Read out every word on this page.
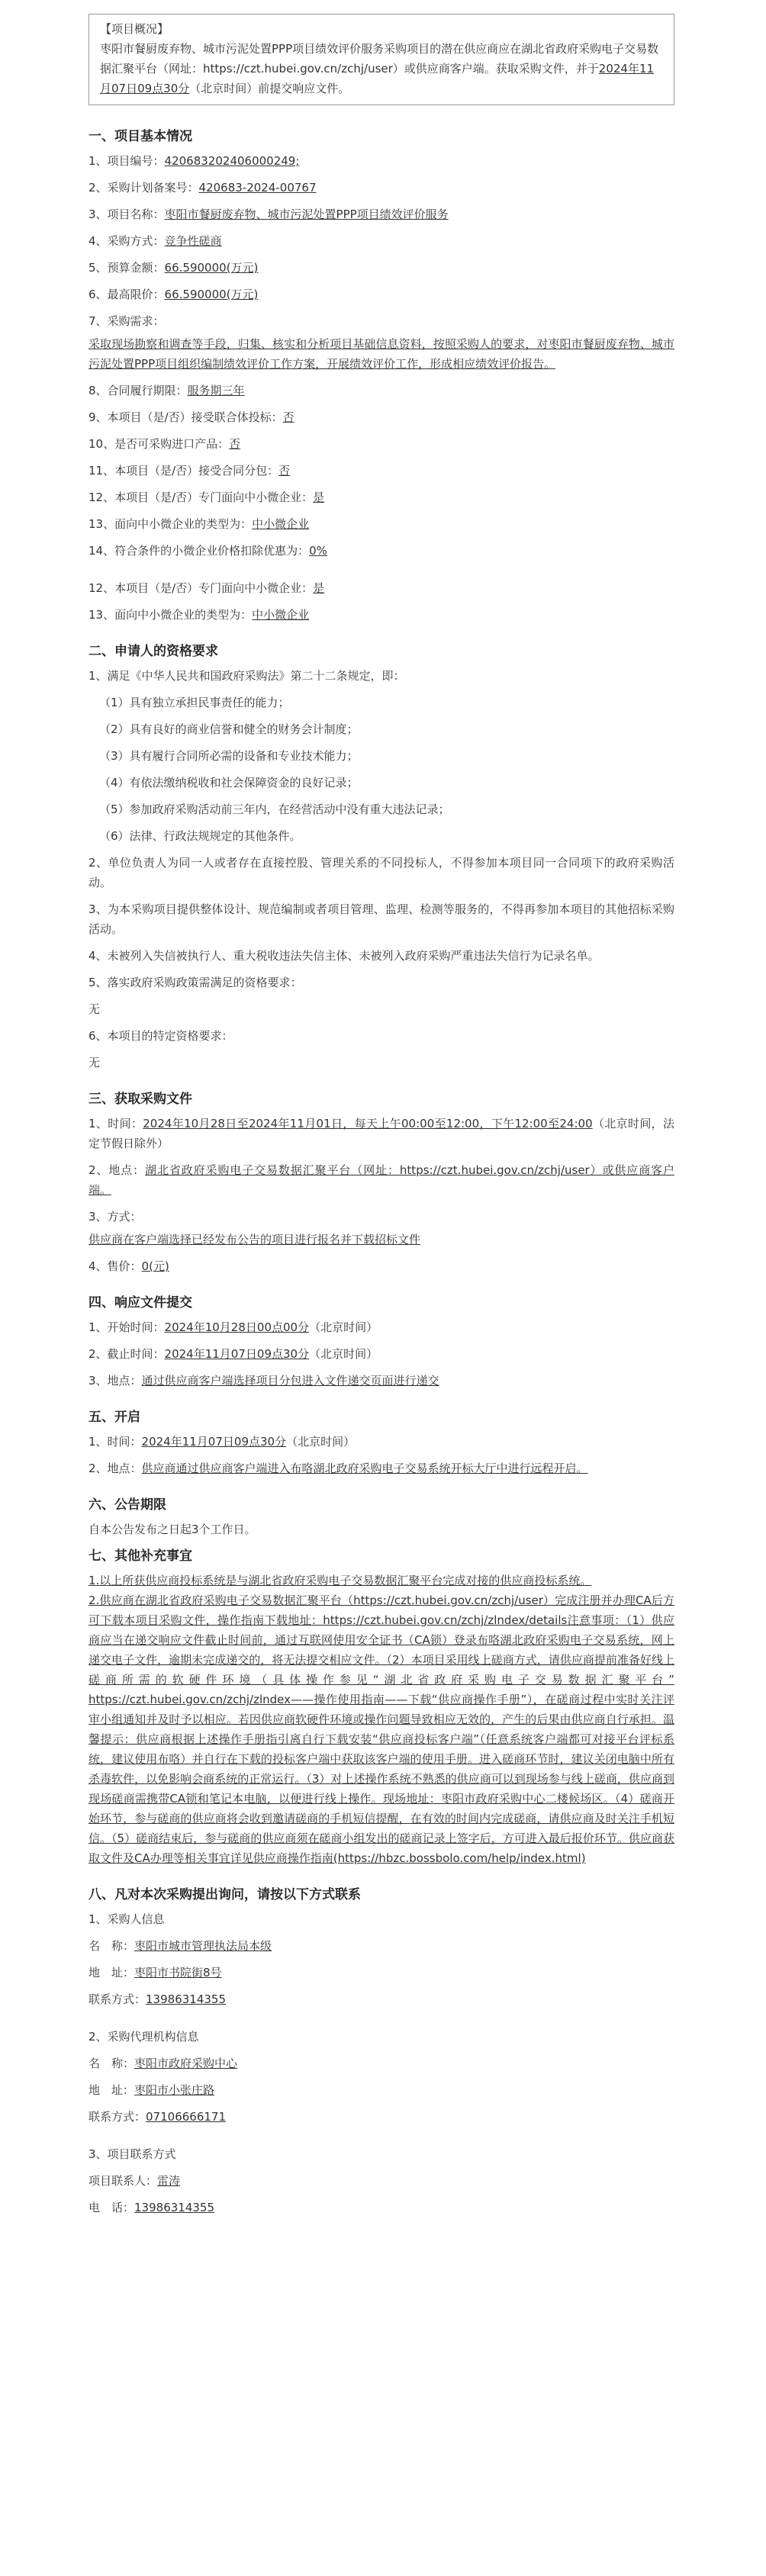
【项目概况】
枣阳市餐厨废弃物、城市污泥处置PPP项目绩效评价服务采购项目的潜在供应商应在湖北省政府采购电子交易数据汇聚平台（网址：https://czt.hubei.gov.cn/zchj/user）或供应商客户端。获取采购文件，并于2024年11月07日09点30分（北京时间）前提交响应文件。
一、项目基本情况
1、项目编号：420683202406000249;
2、采购计划备案号：420683-2024-00767
3、项目名称：枣阳市餐厨废弃物、城市污泥处置PPP项目绩效评价服务
4、采购方式：竞争性磋商
5、预算金额：66.590000(万元)
6、最高限价：66.590000(万元)
7、采购需求：
采取现场勘察和调查等手段，归集、核实和分析项目基础信息资料，按照采购人的要求，对枣阳市餐厨废弃物、城市污泥处置PPP项目组织编制绩效评价工作方案，开展绩效评价工作，形成相应绩效评价报告。
8、合同履行期限：服务期三年
9、本项目（是/否）接受联合体投标：否
10、是否可采购进口产品：否
11、本项目（是/否）接受合同分包：否
12、本项目（是/否）专门面向中小微企业：是
13、面向中小微企业的类型为：中小微企业
14、符合条件的小微企业价格扣除优惠为：0%
12、本项目（是/否）专门面向中小微企业：是
13、面向中小微企业的类型为：中小微企业
二、申请人的资格要求
1、满足《中华人民共和国政府采购法》第二十二条规定，即：
（1）具有独立承担民事责任的能力；
（2）具有良好的商业信誉和健全的财务会计制度；
（3）具有履行合同所必需的设备和专业技术能力；
（4）有依法缴纳税收和社会保障资金的良好记录；
（5）参加政府采购活动前三年内，在经营活动中没有重大违法记录；
（6）法律、行政法规规定的其他条件。
2、单位负责人为同一人或者存在直接控股、管理关系的不同投标人，不得参加本项目同一合同项下的政府采购活动。
3、为本采购项目提供整体设计、规范编制或者项目管理、监理、检测等服务的，不得再参加本项目的其他招标采购活动。
4、未被列入失信被执行人、重大税收违法失信主体、未被列入政府采购严重违法失信行为记录名单。
5、落实政府采购政策需满足的资格要求：
无
6、本项目的特定资格要求：
无
三、获取采购文件
1、时间：2024年10月28日至2024年11月01日，每天上午00:00至12:00，下午12:00至24:00（北京时间，法定节假日除外）
2、地点：湖北省政府采购电子交易数据汇聚平台（网址：https://czt.hubei.gov.cn/zchj/user）或供应商客户端。
3、方式：
供应商在客户端选择已经发布公告的项目进行报名并下载招标文件
4、售价：0(元)
四、响应文件提交
1、开始时间：2024年10月28日00点00分（北京时间）
2、截止时间：2024年11月07日09点30分（北京时间）
3、地点：通过供应商客户端选择项目分包进入文件递交页面进行递交
五、开启
1、时间：2024年11月07日09点30分（北京时间）
2、地点：供应商通过供应商客户端进入布咯湖北政府采购电子交易系统开标大厅中进行远程开启。
六、公告期限
自本公告发布之日起3个工作日。
七、其他补充事宜
1.以上所获供应商投标系统是与湖北省政府采购电子交易数据汇聚平台完成对接的供应商投标系统。
2.供应商在湖北省政府采购电子交易数据汇聚平台（https://czt.hubei.gov.cn/zchj/user）完成注册并办理CA后方可下载本项目采购文件，操作指南下载地址：https://czt.hubei.gov.cn/zchj/zlndex/details注意事项：（1）供应商应当在递交响应文件截止时间前，通过互联网使用安全证书（CA锁）登录布咯湖北政府采购电子交易系统，网上递交电子文件，逾期未完成递交的，将无法提交相应文件。（2）本项目采用线上磋商方式，请供应商提前准备好线上磋商所需的软硬件环境（具体操作参见“湖北省政府采购电子交易数据汇聚平台” https://czt.hubei.gov.cn/zchj/zlndex——操作使用指南——下载“供应商操作手册”），在磋商过程中实时关注评审小组通知并及时予以相应。若因供应商软硬件环境或操作问题导致相应无效的，产生的后果由供应商自行承担。温馨提示：供应商根据上述操作手册指引离自行下载安装“供应商投标客户端”（任意系统客户端都可对接平台评标系统，建议使用布咯）并自行在下载的投标客户端中获取该客户端的使用手册。进入磋商环节时，建议关闭电脑中所有杀毒软件，以免影响会商系统的正常运行。（3）对上述操作系统不熟悉的供应商可以到现场参与线上磋商，供应商到现场磋商需携带CA锁和笔记本电脑，以便进行线上操作。现场地址：枣阳市政府采购中心二楼候场区。（4）磋商开始环节，参与磋商的供应商将会收到邀请磋商的手机短信提醒，在有效的时间内完成磋商，请供应商及时关注手机短信。（5）磋商结束后，参与磋商的供应商须在磋商小组发出的磋商记录上签字后，方可进入最后报价环节。供应商获取文件及CA办理等相关事宜详见供应商操作指南(https://hbzc.bossbolo.com/help/index.html)
八、凡对本次采购提出询问，请按以下方式联系
1、采购人信息
名　称：枣阳市城市管理执法局本级
地　址：枣阳市书院街8号
联系方式：13986314355
2、采购代理机构信息
名　称：枣阳市政府采购中心
地　址：枣阳市小张庄路
联系方式：07106666171
3、项目联系方式
项目联系人：雷涛
电　话：13986314355
